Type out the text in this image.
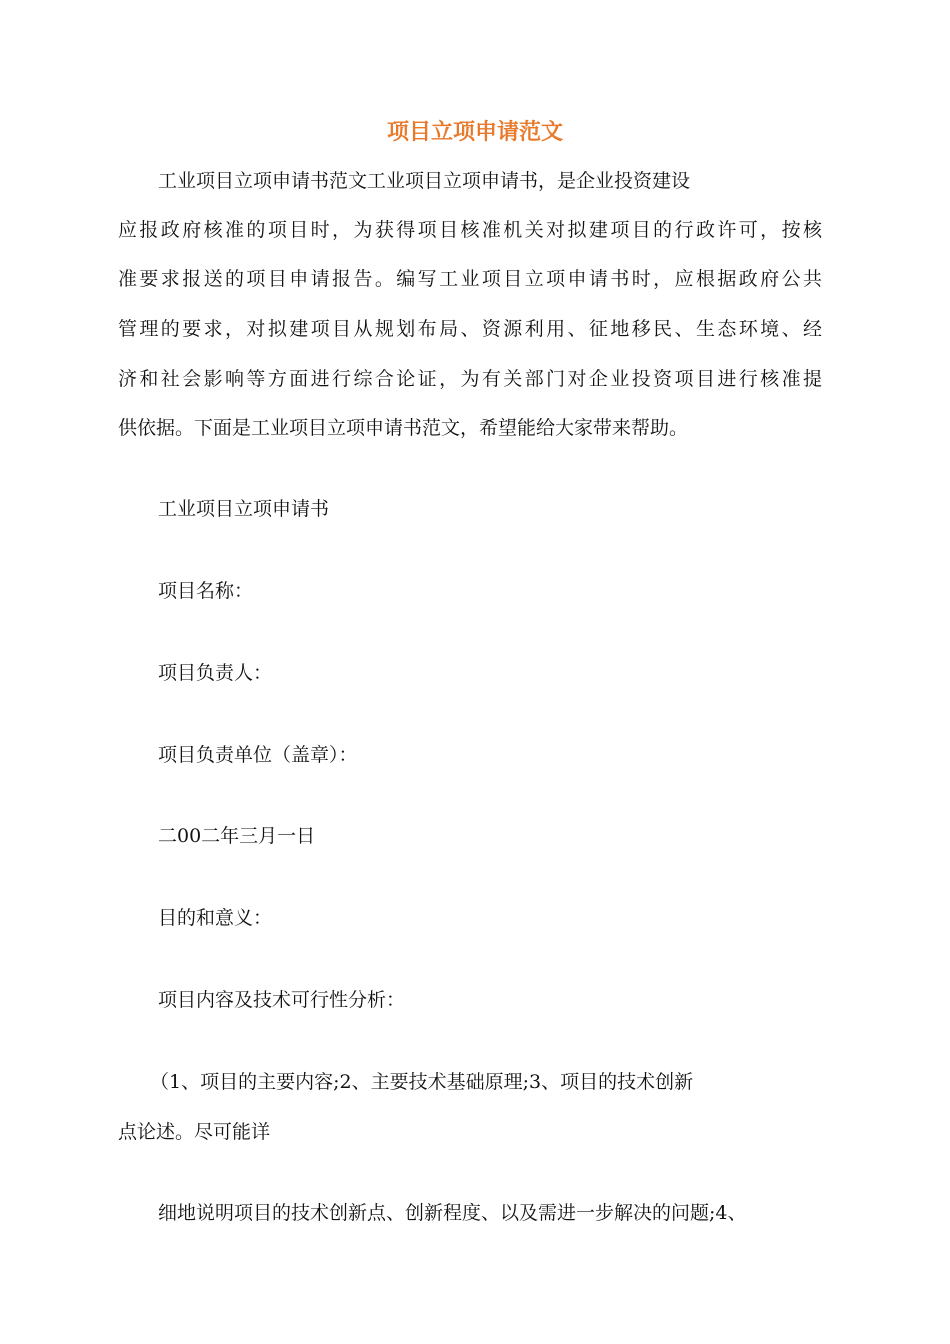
项目立项申请范文

工业项目立项申请书范文工业项目立项申请书，是企业投资建设

应报政府核准的项目时，为获得项目核准机关对拟建项目的行政许可，按核

准要求报送的项目申请报告。编写工业项目立项申请书时，应根据政府公共

管理的要求，对拟建项目从规划布局、资源利用、征地移民、生态环境、经

济和社会影响等方面进行综合论证，为有关部门对企业投资项目进行核准提

供依据。下面是工业项目立项申请书范文，希望能给大家带来帮助。

工业项目立项申请书

项目名称：

项目负责人：

项目负责单位（盖章）：

二00二年三月一日

目的和意义：

项目内容及技术可行性分析：

（1、项目的主要内容;2、主要技术基础原理;3、项目的技术创新

点论述。尽可能详

细地说明项目的技术创新点、创新程度、以及需进一步解决的问题;4、
